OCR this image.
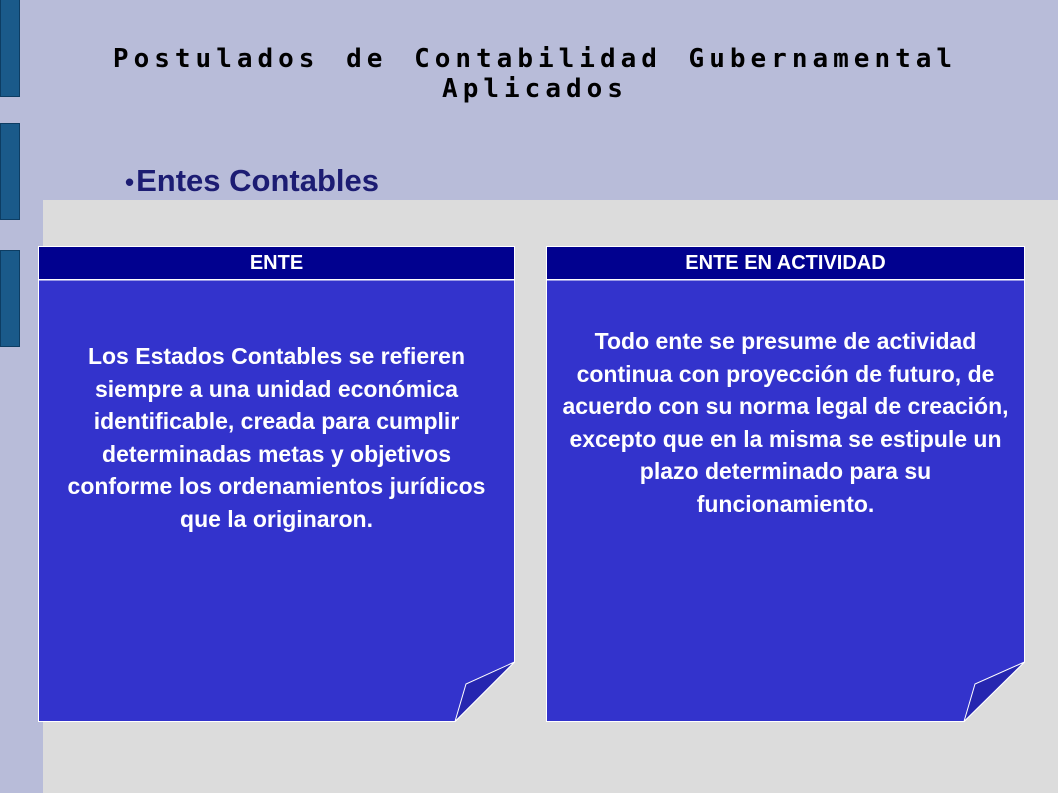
Postulados de Contabilidad Gubernamental Aplicados
•Entes Contables
ENTE
Los Estados Contables se refieren siempre a una unidad económica identificable, creada para cumplir determinadas metas y objetivos conforme los ordenamientos jurídicos que la originaron.
ENTE EN ACTIVIDAD
Todo ente se presume de actividad continua con proyección de futuro, de acuerdo con su norma legal de creación, excepto que en la misma se estipule un plazo determinado para su funcionamiento.
